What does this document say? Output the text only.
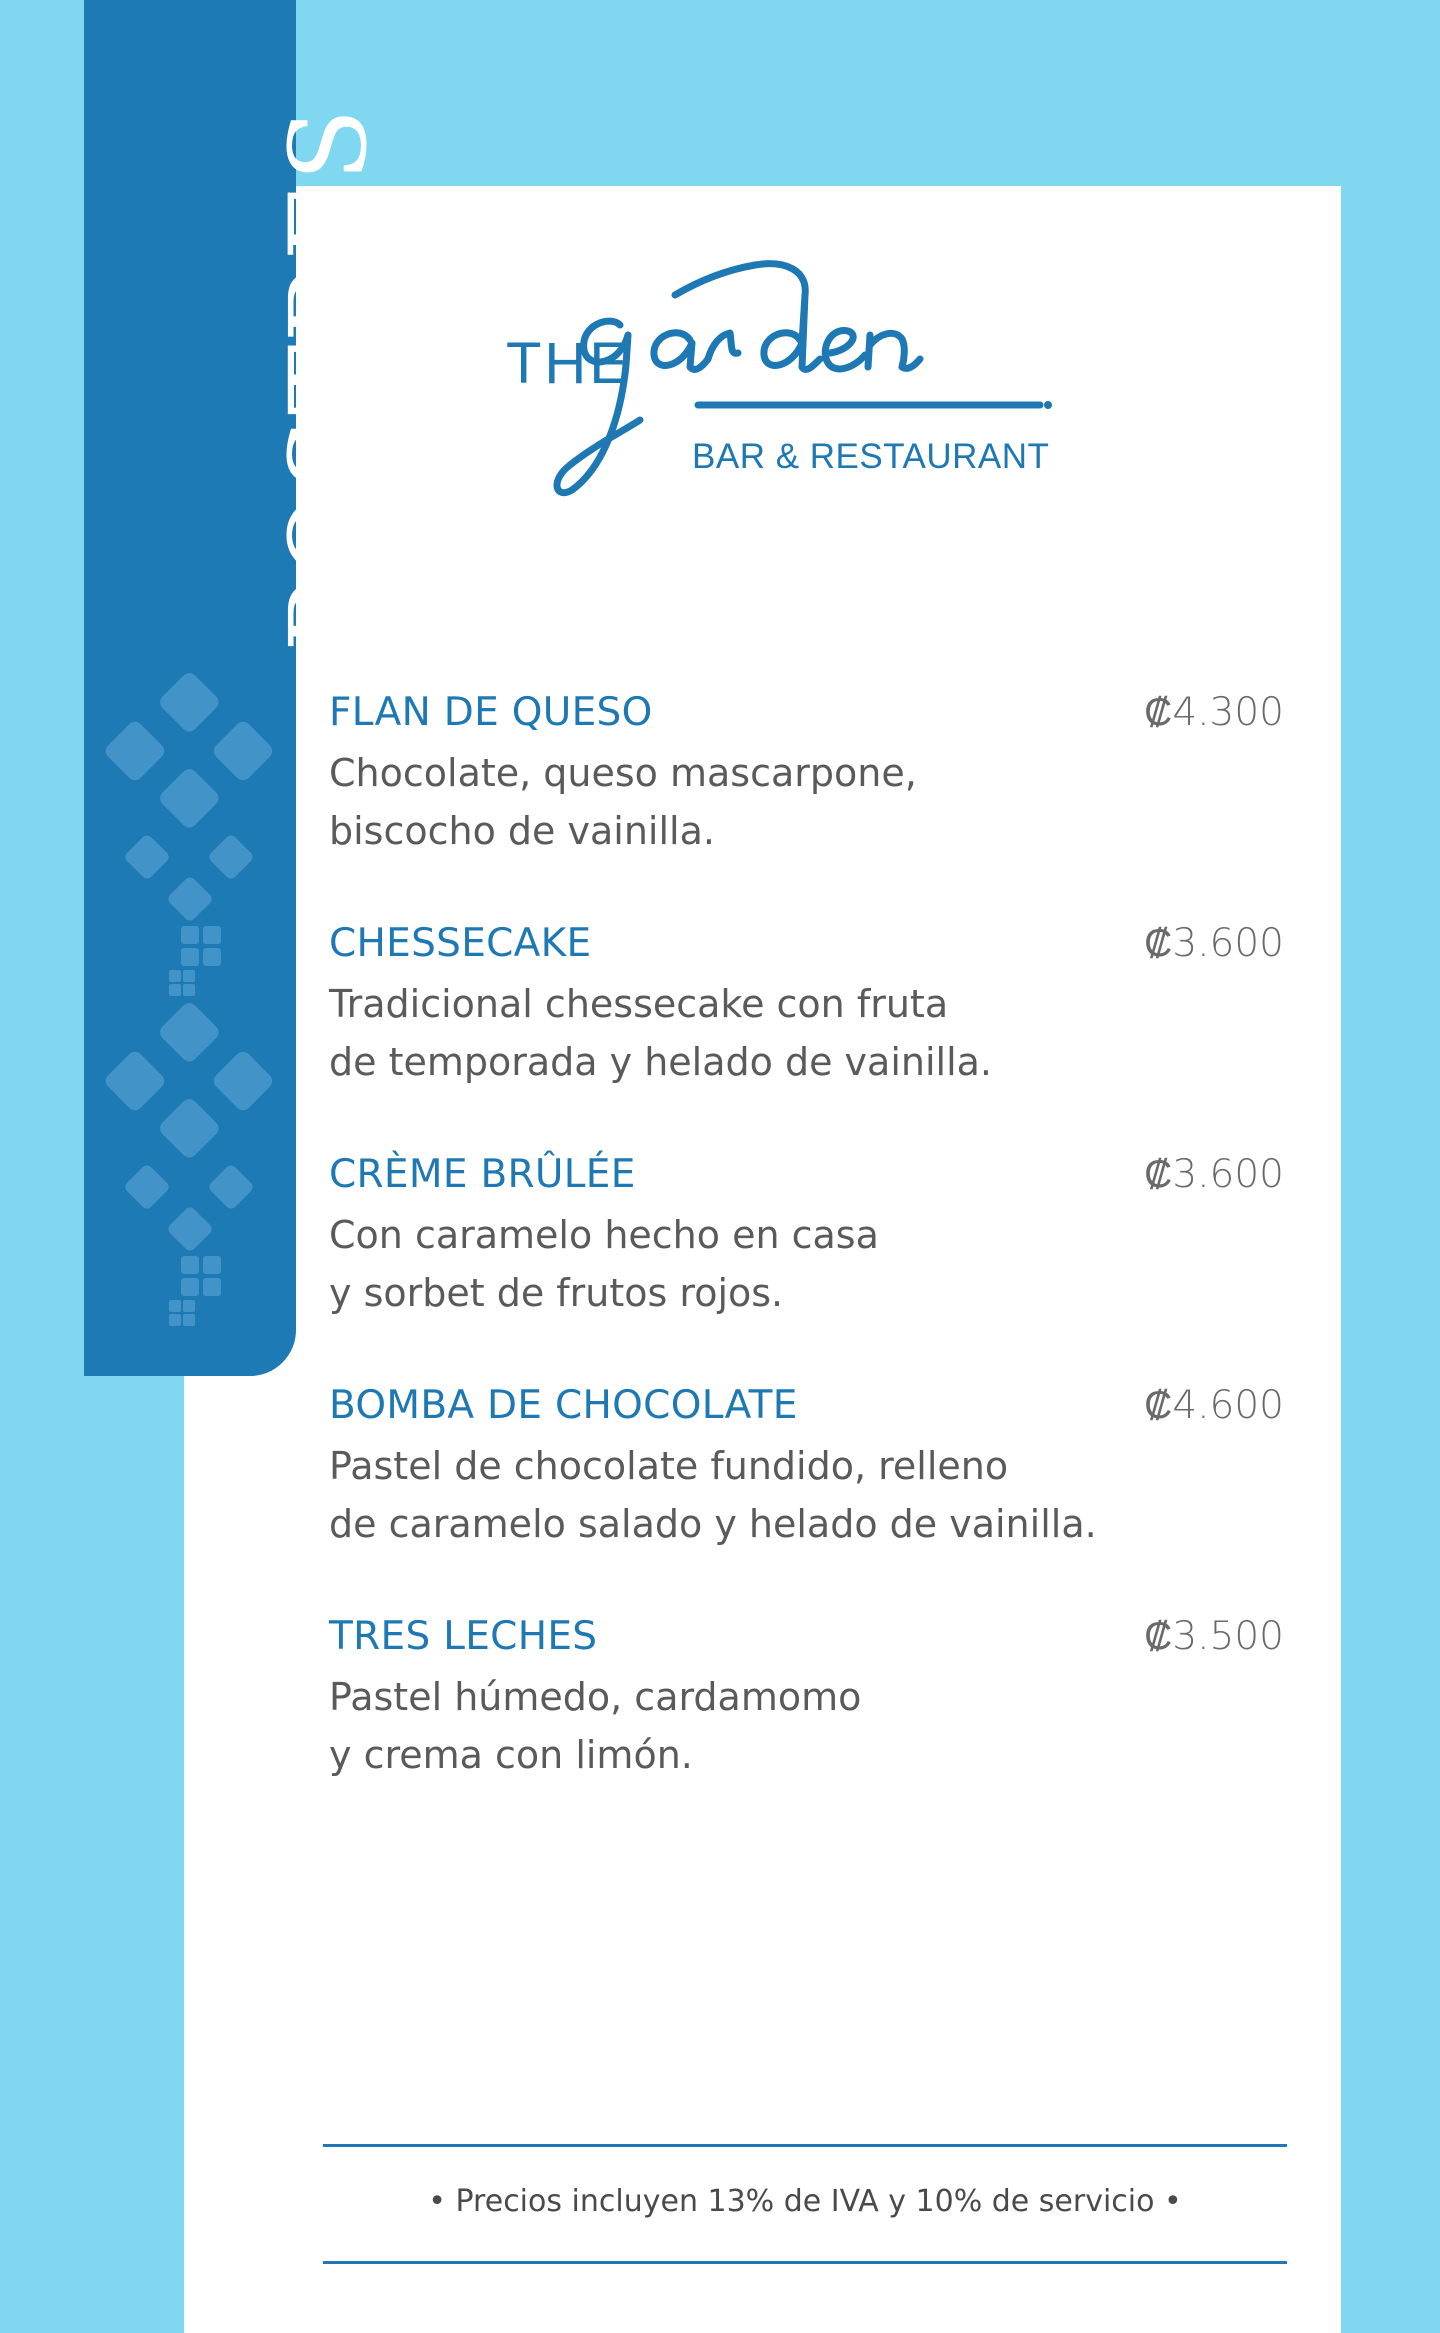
POSTRES THE
BAR & RESTAURANT
FLAN DE QUESO	₡4.300
Chocolate, queso mascarpone,
biscocho de vainilla.
CHESSECAKE	₡3.600
Tradicional chessecake con fruta
de temporada y helado de vainilla.
CRÈME BRÛLÉE	₡3.600
Con caramelo hecho en casa
y sorbet de frutos rojos.
BOMBA DE CHOCOLATE	₡4.600
Pastel de chocolate fundido, relleno
de caramelo salado y helado de vainilla.
TRES LECHES	₡3.500
Pastel húmedo, cardamomo
y crema con limón.
• Precios incluyen 13% de IVA y 10% de servicio •
